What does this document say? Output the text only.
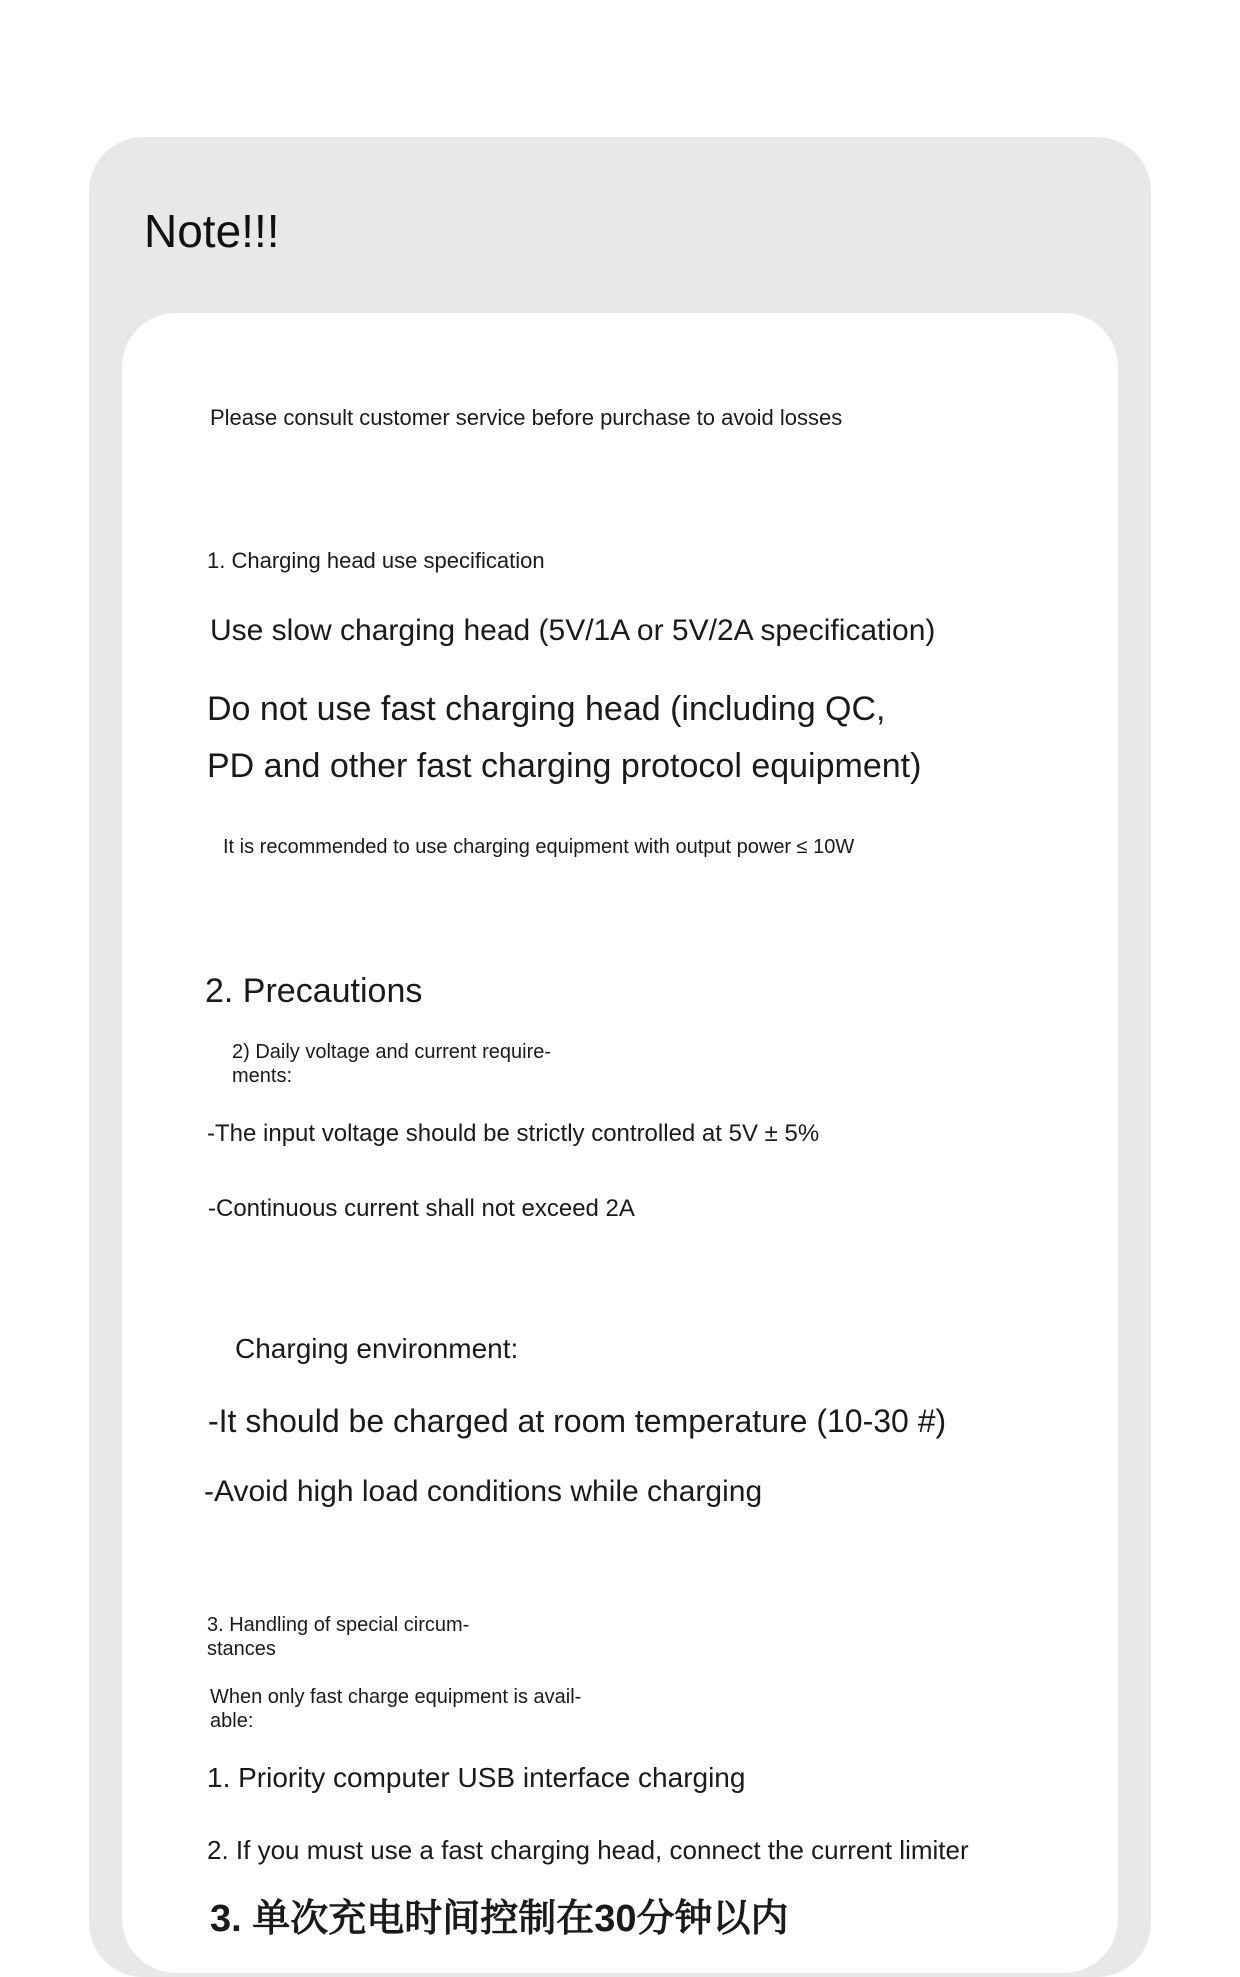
Note!!!
Please consult customer service before purchase to avoid losses
1. Charging head use specification
Use slow charging head (5V/1A or 5V/2A specification)
Do not use fast charging head (including QC,
PD and other fast charging protocol equipment)
It is recommended to use charging equipment with output power ≤ 10W
2. Precautions
2) Daily voltage and current require-
ments:
-The input voltage should be strictly controlled at 5V ± 5%
-Continuous current shall not exceed 2A
Charging environment:
-It should be charged at room temperature (10-30 #)
-Avoid high load conditions while charging
3. Handling of special circum-
stances
When only fast charge equipment is avail-
able:
1. Priority computer USB interface charging
2. If you must use a fast charging head, connect the current limiter
3. 单次充电时间控制在30分钟以内
